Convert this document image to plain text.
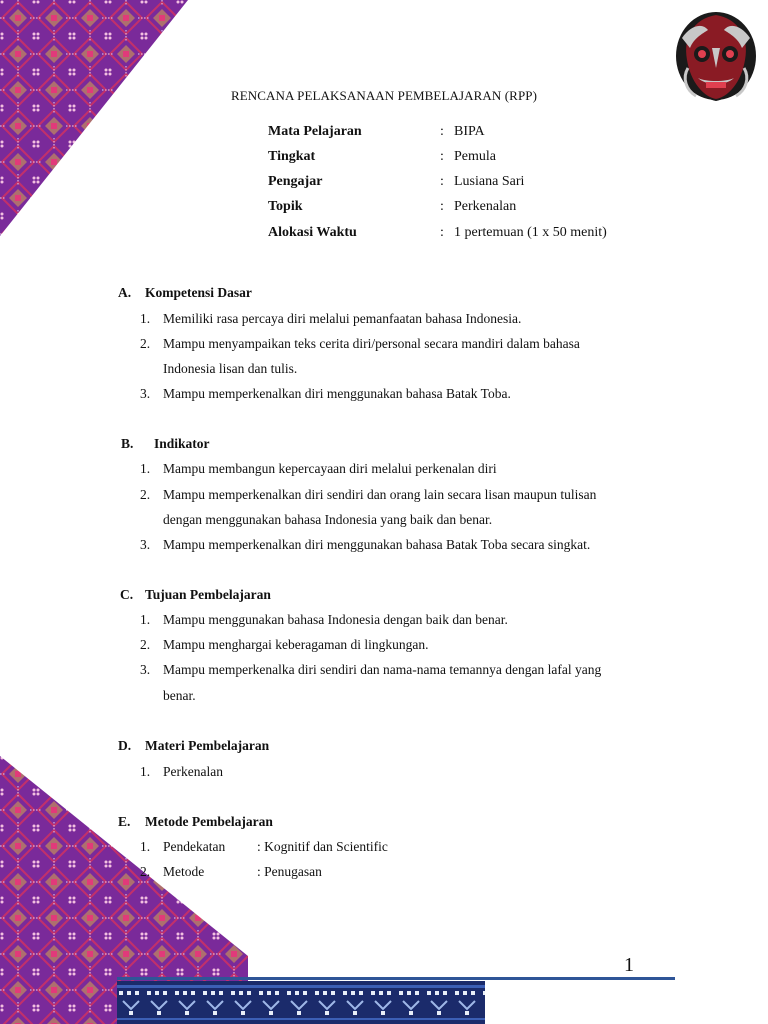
RENCANA PELAKSANAAN PEMBELAJARAN (RPP)
Mata Pelajaran	: BIPA
Tingkat	: Pemula
Pengajar	: Lusiana Sari
Topik	: Perkenalan
Alokasi Waktu	: 1 pertemuan (1 x 50 menit)
A. Kompetensi Dasar
1. Memiliki rasa percaya diri melalui pemanfaatan bahasa Indonesia.
2. Mampu menyampaikan teks cerita diri/personal secara mandiri dalam bahasa
Indonesia lisan dan tulis.
3. Mampu memperkenalkan diri menggunakan bahasa Batak Toba.
B. Indikator
1. Mampu membangun kepercayaan diri melalui perkenalan diri
2. Mampu memperkenalkan diri sendiri dan orang lain secara lisan maupun tulisan
dengan menggunakan bahasa Indonesia yang baik dan benar.
3. Mampu memperkenalkan diri menggunakan bahasa Batak Toba secara singkat.
C. Tujuan Pembelajaran
1. Mampu menggunakan bahasa Indonesia dengan baik dan benar.
2. Mampu menghargai keberagaman di lingkungan.
3. Mampu memperkenalka diri sendiri dan nama-nama temannya dengan lafal yang
benar.
D. Materi Pembelajaran
1. Perkenalan
E. Metode Pembelajaran
1. Pendekatan : Kognitif dan Scientific
2. Metode	: Penugasan
1
